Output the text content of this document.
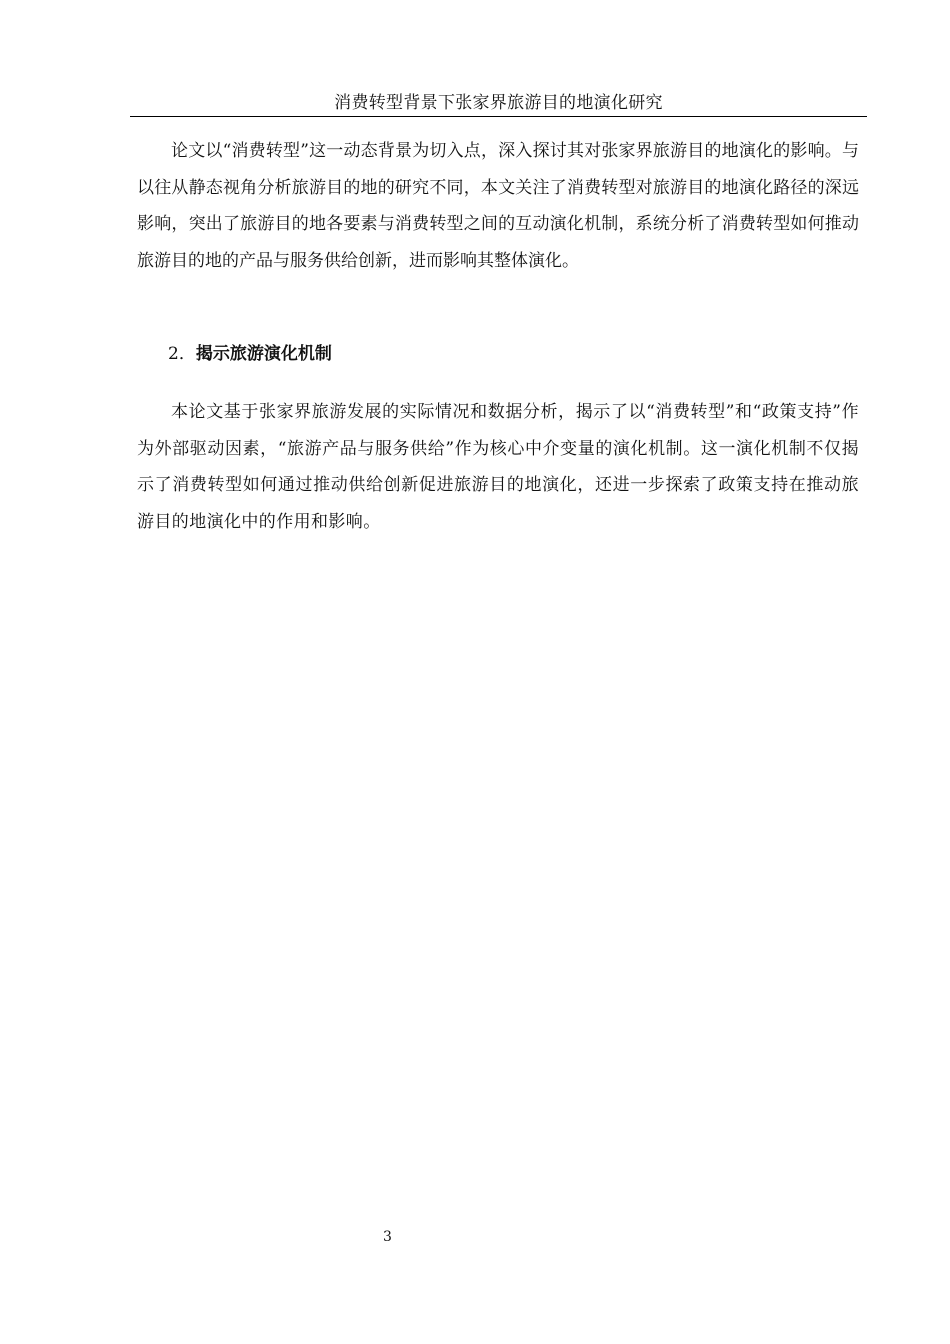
消费转型背景下张家界旅游目的地演化研究

论文以“消费转型”这一动态背景为切入点，深入探讨其对张家界旅游目的地演化的影响。与以往从静态视角分析旅游目的地的研究不同，本文关注了消费转型对旅游目的地演化路径的深远影响，突出了旅游目的地各要素与消费转型之间的互动演化机制，系统分析了消费转型如何推动旅游目的地的产品与服务供给创新，进而影响其整体演化。

2．揭示旅游演化机制

本论文基于张家界旅游发展的实际情况和数据分析，揭示了以“消费转型”和“政策支持”作为外部驱动因素，“旅游产品与服务供给”作为核心中介变量的演化机制。这一演化机制不仅揭示了消费转型如何通过推动供给创新促进旅游目的地演化，还进一步探索了政策支持在推动旅游目的地演化中的作用和影响。

3
